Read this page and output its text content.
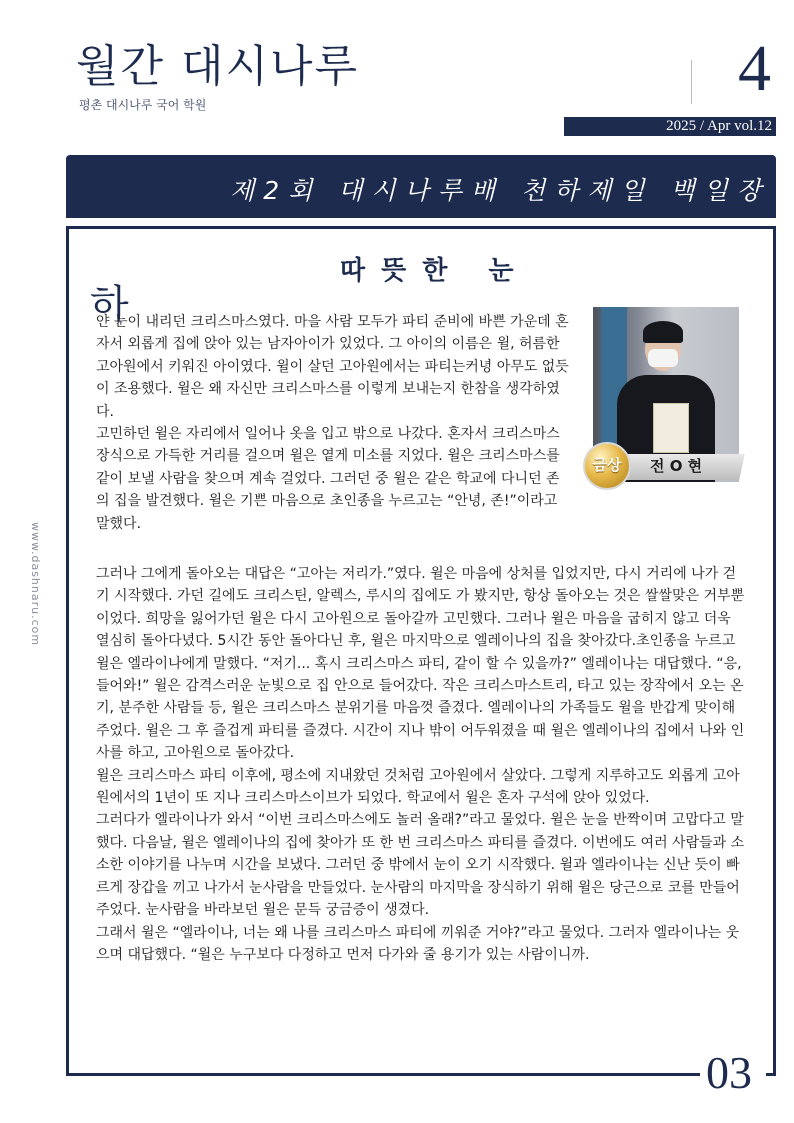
월간 대시나루
평촌 대시나루 국어 학원	4
2025 / Apr vol.12
제2회 대시나루배 천하제일 백일장
www.dashnaru.com
따뜻한 눈
하
전 O 현
금상

얀 눈이 내리던 크리스마스였다. 마을 사람 모두가 파티 준비에 바쁜 가운데 혼자서 외롭게 집에 앉아 있는 남자아이가 있었다. 그 아이의 이름은 윌, 허름한 고아원에서 키워진 아이였다. 윌이 살던 고아원에서는 파티는커녕 아무도 없듯이 조용했다. 윌은 왜 자신만 크리스마스를 이렇게 보내는지 한참을 생각하였다.

고민하던 윌은 자리에서 일어나 옷을 입고 밖으로 나갔다. 혼자서 크리스마스 장식으로 가득한 거리를 걸으며 윌은 옅게 미소를 지었다. 윌은 크리스마스를 같이 보낼 사람을 찾으며 계속 걸었다. 그러던 중 윌은 같은 학교에 다니던 존의 집을 발견했다. 윌은 기쁜 마음으로 초인종을 누르고는 “안녕, 존!”이라고 말했다.

그러나 그에게 돌아오는 대답은 “고아는 저리가.”였다. 윌은 마음에 상처를 입었지만, 다시 거리에 나가 걷기 시작했다. 가던 길에도 크리스틴, 알렉스, 루시의 집에도 가 봤지만, 항상 돌아오는 것은 쌀쌀맞은 거부뿐이었다. 희망을 잃어가던 윌은 다시 고아원으로 돌아갈까 고민했다. 그러나 윌은 마음을 굽히지 않고 더욱 열심히 돌아다녔다. 5시간 동안 돌아다닌 후, 윌은 마지막으로 엘레이나의 집을 찾아갔다.초인종을 누르고 윌은 엘라이나에게 말했다. “저기... 혹시 크리스마스 파티, 같이 할 수 있을까?” 엘레이나는 대답했다. “응, 들어와!” 윌은 감격스러운 눈빛으로 집 안으로 들어갔다. 작은 크리스마스트리, 타고 있는 장작에서 오는 온기, 분주한 사람들 등, 윌은 크리스마스 분위기를 마음껏 즐겼다. 엘레이나의 가족들도 윌을 반갑게 맞이해 주었다. 윌은 그 후 즐겁게 파티를 즐겼다. 시간이 지나 밖이 어두워졌을 때 윌은 엘레이나의 집에서 나와 인사를 하고, 고아원으로 돌아갔다.

윌은 크리스마스 파티 이후에, 평소에 지내왔던 것처럼 고아원에서 살았다. 그렇게 지루하고도 외롭게 고아원에서의 1년이 또 지나 크리스마스이브가 되었다. 학교에서 윌은 혼자 구석에 앉아 있었다.

그러다가 엘라이나가 와서 “이번 크리스마스에도 놀러 올래?”라고 물었다. 윌은 눈을 반짝이며 고맙다고 말했다. 다음날, 윌은 엘레이나의 집에 찾아가 또 한 번 크리스마스 파티를 즐겼다. 이번에도 여러 사람들과 소소한 이야기를 나누며 시간을 보냈다. 그러던 중 밖에서 눈이 오기 시작했다. 윌과 엘라이나는 신난 듯이 빠르게 장갑을 끼고 나가서 눈사람을 만들었다. 눈사람의 마지막을 장식하기 위해 윌은 당근으로 코를 만들어 주었다. 눈사람을 바라보던 윌은 문득 궁금증이 생겼다.

그래서 윌은 “엘라이나, 너는 왜 나를 크리스마스 파티에 끼워준 거야?”라고 물었다. 그러자 엘라이나는 웃으며 대답했다. “윌은 누구보다 다정하고 먼저 다가와 줄 용기가 있는 사람이니까.

03
